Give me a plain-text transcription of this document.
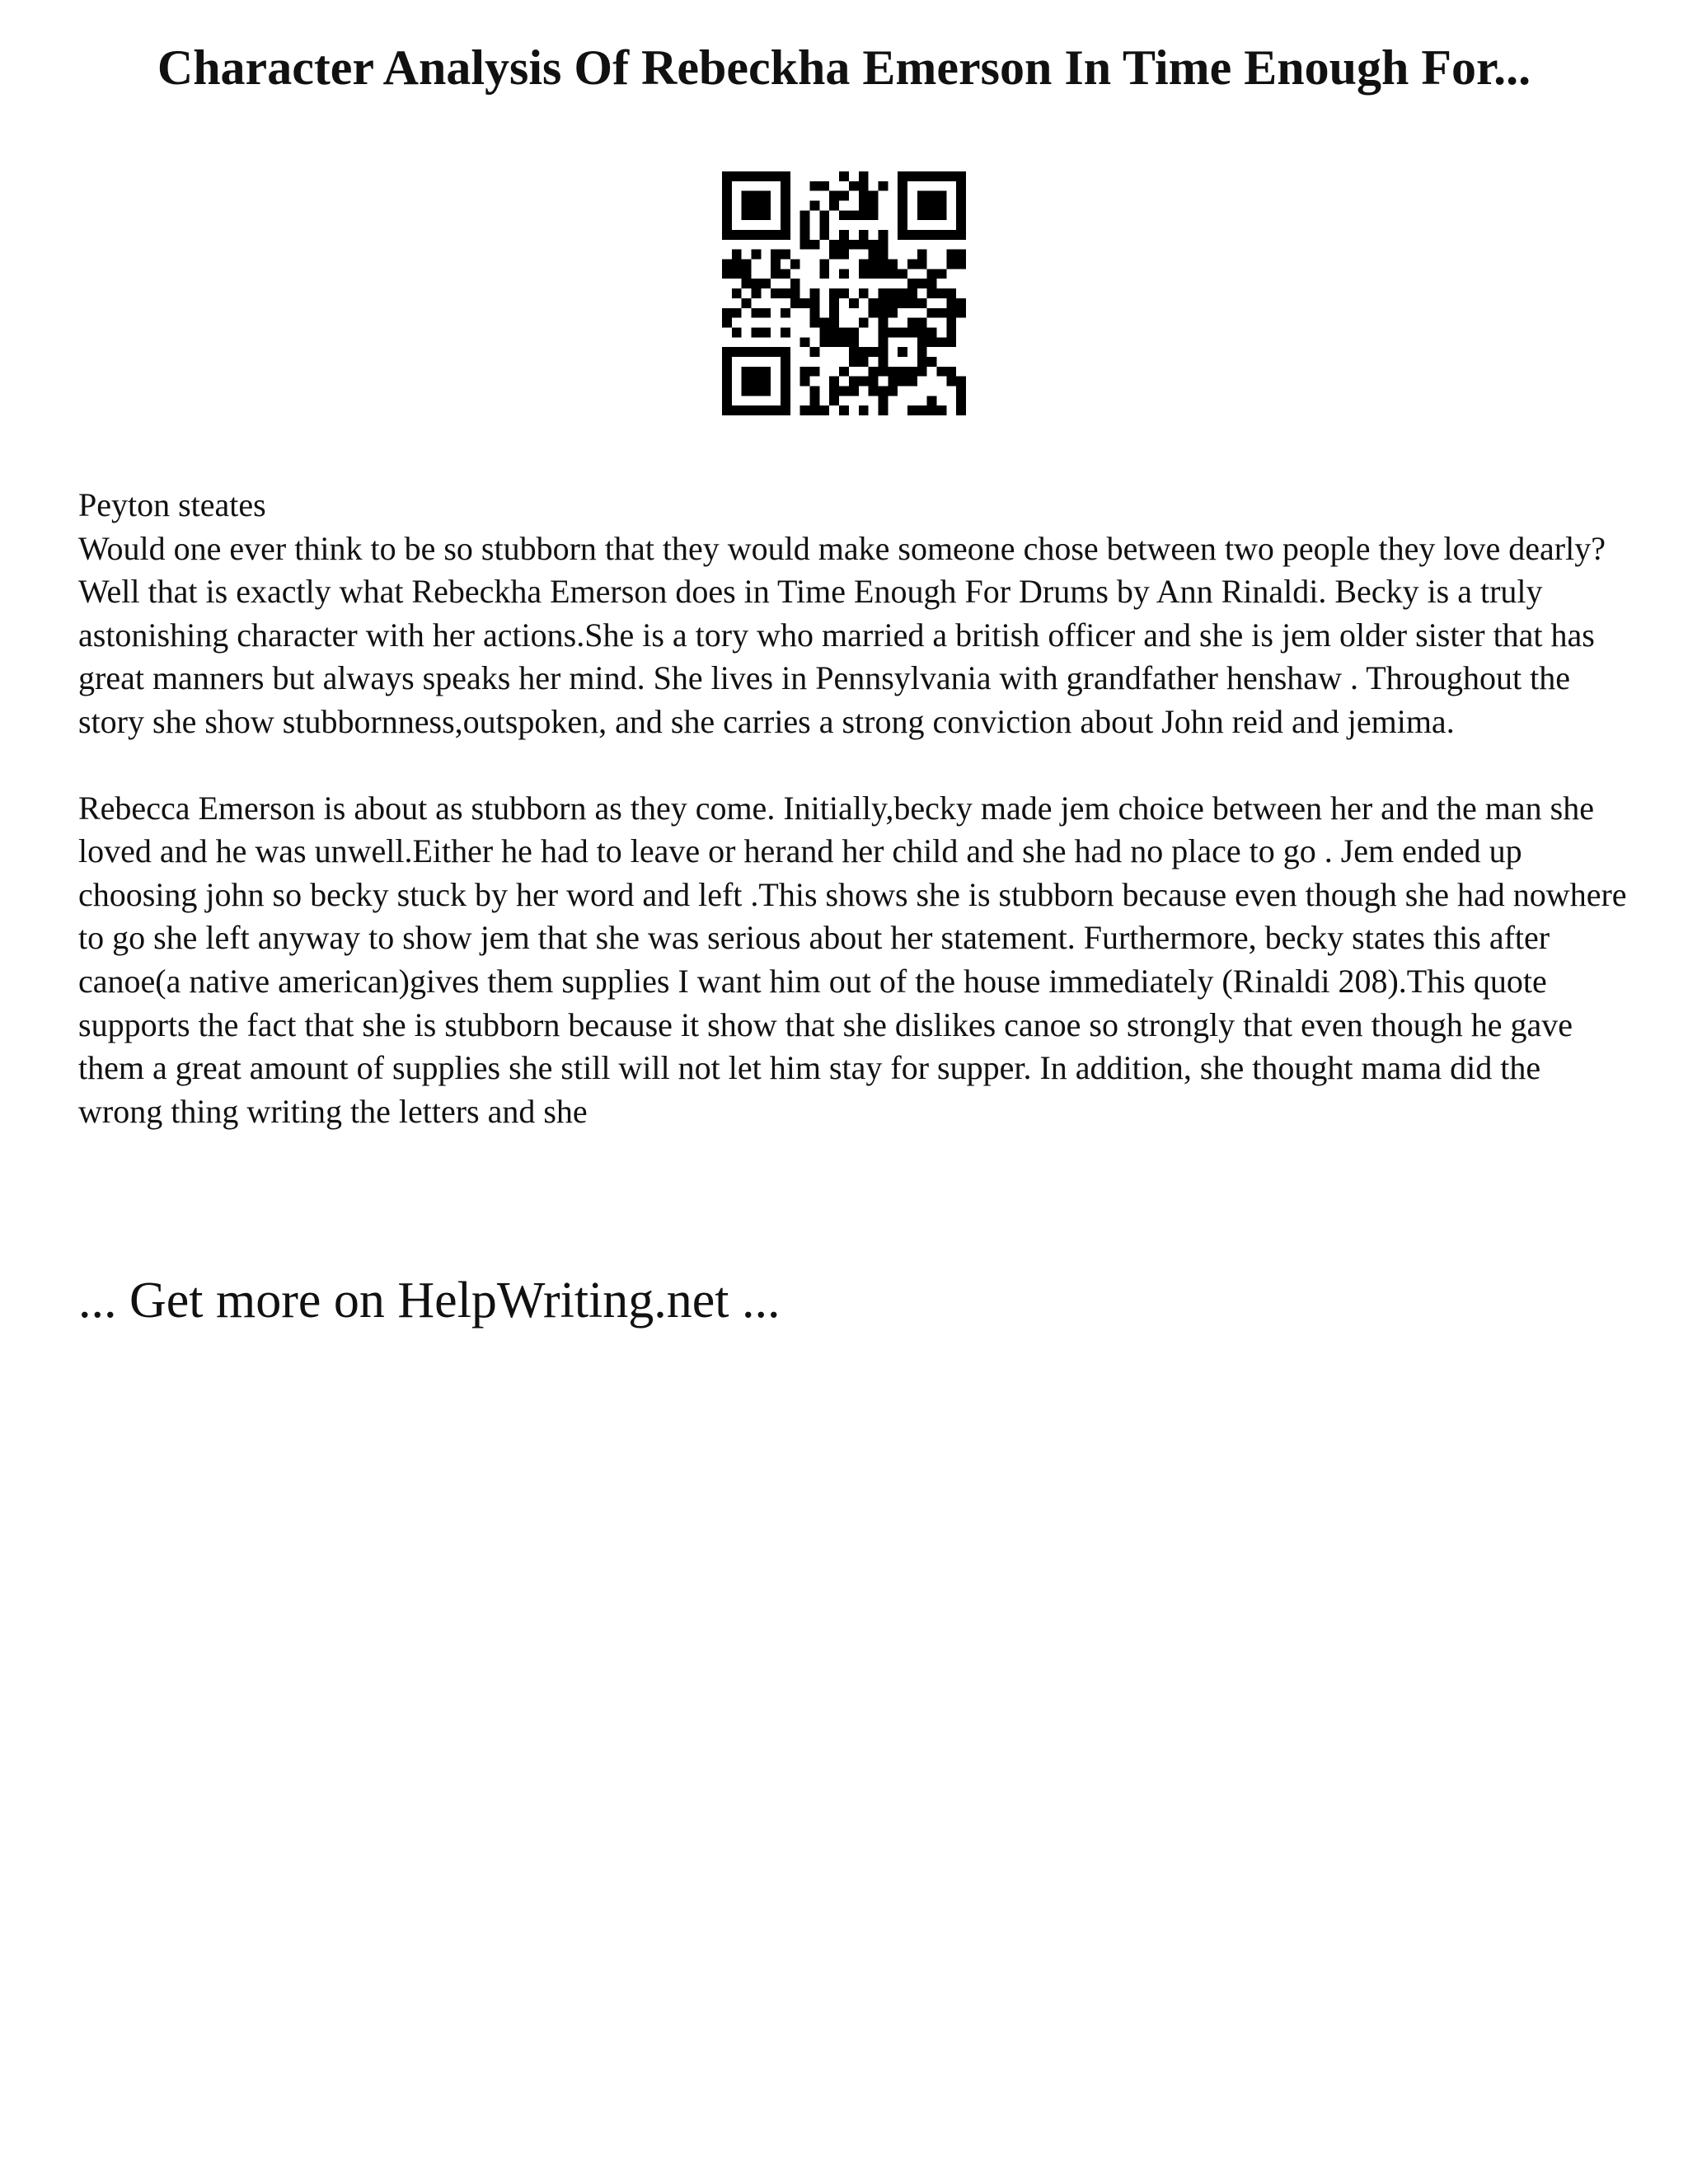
Character Analysis Of Rebeckha Emerson In Time Enough For...

Peyton steates

Would one ever think to be so stubborn that they would make someone chose between two people they love dearly? Well that is exactly what Rebeckha Emerson does in Time Enough For Drums by Ann Rinaldi. Becky is a truly astonishing character with her actions.She is a tory who married a british officer and she is jem older sister that has great manners but always speaks her mind. She lives in Pennsylvania with grandfather henshaw . Throughout the story she show stubbornness,outspoken, and she carries a strong conviction about John reid and jemima.

Rebecca Emerson is about as stubborn as they come. Initially,becky made jem choice between her and the man she loved and he was unwell.Either he had to leave or herand her child and she had no place to go . Jem ended up choosing john so becky stuck by her word and left .This shows she is stubborn because even though she had nowhere to go she left anyway to show jem that she was serious about her statement. Furthermore, becky states this after canoe(a native american)gives them supplies I want him out of the house immediately (Rinaldi 208).This quote supports the fact that she is stubborn because it show that she dislikes canoe so strongly that even though he gave them a great amount of supplies she still will not let him stay for supper. In addition, she thought mama did the wrong thing writing the letters and she

... Get more on HelpWriting.net ...
